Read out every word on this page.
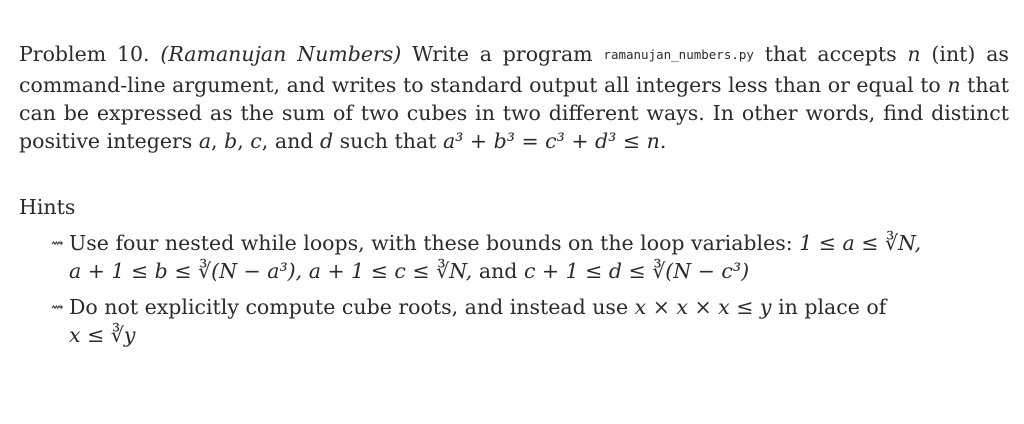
Problem 10. (Ramanujan Numbers) Write a program ramanujan_numbers.py that accepts n (int) as command-line argument, and writes to standard output all integers less than or equal to n that can be expressed as the sum of two cubes in two different ways. In other words, find distinct positive integers a, b, c, and d such that a³ + b³ = c³ + d³ ≤ n.

Hints
⇝ Use four nested while loops, with these bounds on the loop variables: 1 ≤ a ≤ ∛N,
a + 1 ≤ b ≤ ∛(N − a³), a + 1 ≤ c ≤ ∛N, and c + 1 ≤ d ≤ ∛(N − c³)
⇝ Do not explicitly compute cube roots, and instead use x × x × x ≤ y in place of
x ≤ ∛y
